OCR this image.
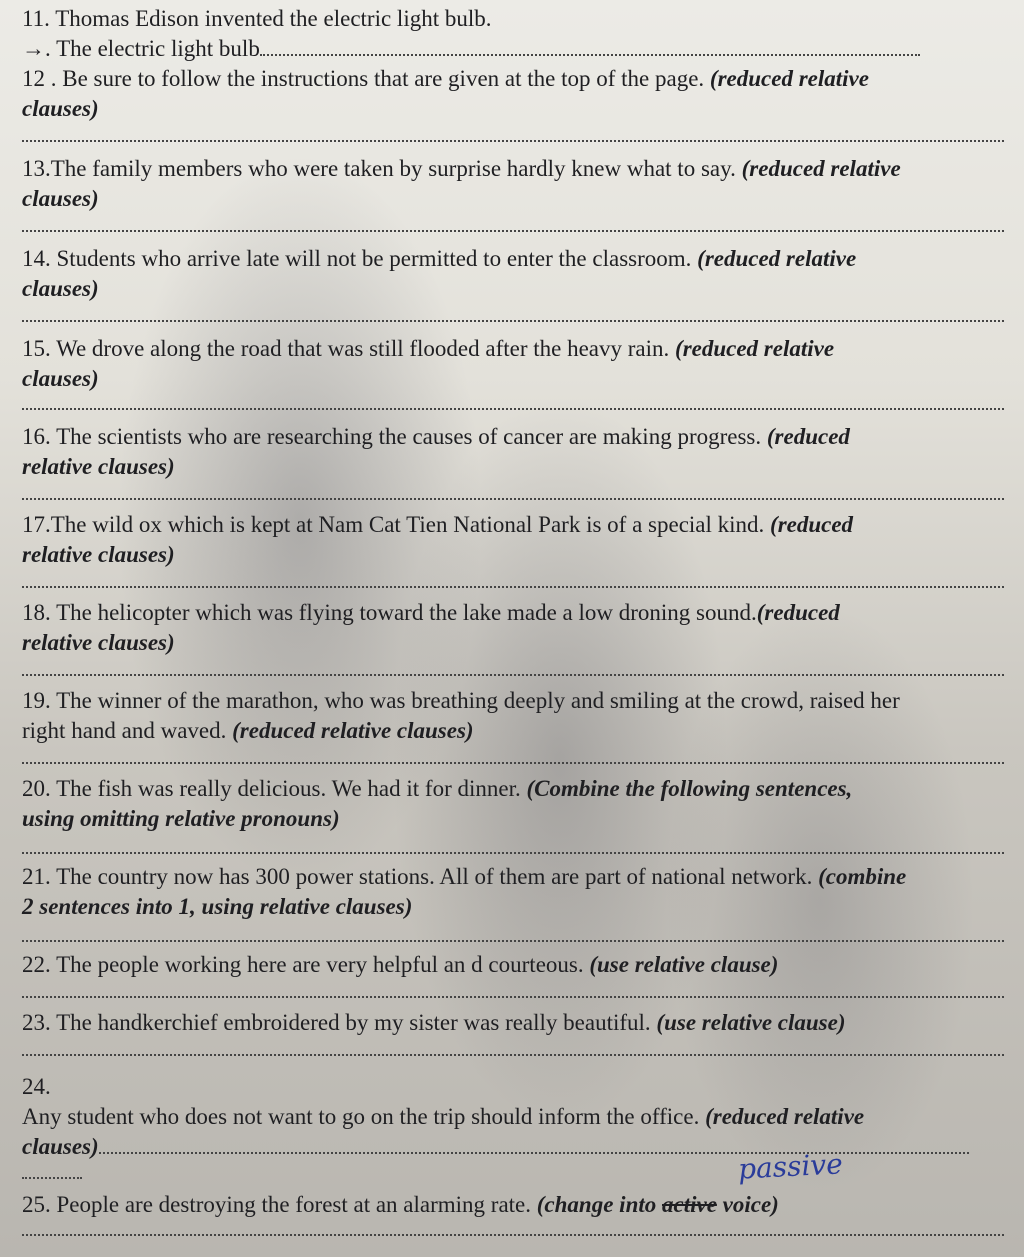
11. Thomas Edison invented the electric light bulb.
→. The electric light bulb
12 . Be sure to follow the instructions that are given at the top of the page. (reduced relative
clauses)
13.The family members who were taken by surprise hardly knew what to say. (reduced relative
clauses)
14. Students who arrive late will not be permitted to enter the classroom. (reduced relative
clauses)
15. We drove along the road that was still flooded after the heavy rain. (reduced relative
clauses)
16. The scientists who are researching the causes of cancer are making progress. (reduced
relative clauses)
17.The wild ox which is kept at Nam Cat Tien National Park is of a special kind. (reduced
relative clauses)
18. The helicopter which was flying toward the lake made a low droning sound.(reduced
relative clauses)
19. The winner of the marathon, who was breathing deeply and smiling at the crowd, raised her
right hand and waved. (reduced relative clauses)
20. The fish was really delicious. We had it for dinner. (Combine the following sentences,
using omitting relative pronouns)
21. The country now has 300 power stations. All of them are part of national network. (combine
2 sentences into 1, using relative clauses)
22. The people working here are very helpful an d courteous. (use relative clause)
23. The handkerchief embroidered by my sister was really beautiful. (use relative clause)
24.
Any student who does not want to go on the trip should inform the office. (reduced relative
clauses)
25. People are destroying the forest at an alarming rate. (change into active voice)
passive
